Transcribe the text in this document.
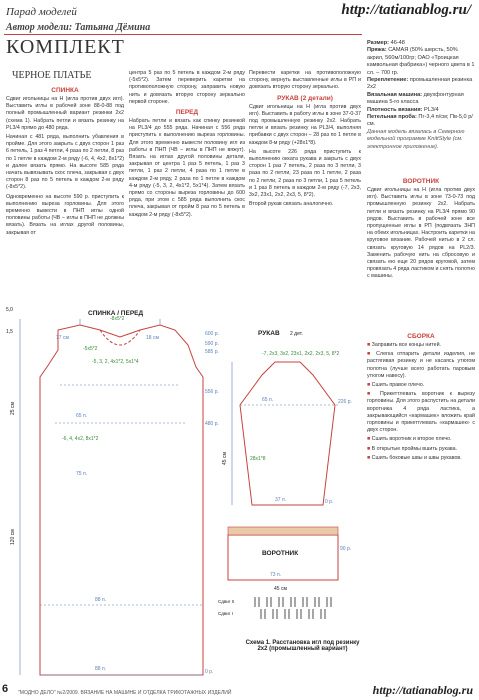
Парад моделей	http://tatianablog.ru/
Автор модели: Татьяна Дёмина
КОМПЛЕКТ
ЧЕРНОЕ ПЛАТЬЕ
СПИНКА

Сдвиг игольницы на Н (игла против двух игл). Выставить иглы в рабочей зоне 88-0-88 под полный промышленный вариант резинки 2х2 (схема 1). Набрать петли и вязать резинку на PL3/4 прямо до 480 ряда.

Начиная с 481 ряда, выполнить убавления в пройме. Для этого закрыть с двух сторон 1 раз 6 петель, 1 раз 4 петли, 4 раза по 2 петли, 8 раз по 1 петле в каждом 2-м ряду (-6, 4, 4х2, 8х1*2) и далее вязать прямо. На высоте 585 ряда начать вывязывать скос плеча, закрывая с двух сторон 8 раз по 5 петель в каждом 2-м ряду (-8х5*2).

Одновременно на высоте 590 р. приступить к выполнению выреза горловины. Для этого временно вывести в ПНП иглы одной половины работы (ЧВ – иглы в ПНП не должны вязать). Вязать на иглах другой половины, закрывая от

центра 5 раз по 5 петель в каждом 2-м ряду (-5х5*2). Затем переверить каретки на противоположную сторону, заправить новую нить и довязать вторую сторону зеркально первой стороне.

ПЕРЕД

Набрать петли и вязать как спинку резинкой на PL3/4 до 555 ряда. Начиная с 556 ряда приступить к выполнению выреза горловины. Для этого временно вывести половину игл из работы в ПНП (ЧВ – иглы в ПНП не вяжут). Вязать на иглах другой половины детали, закрывая от центра 1 раз 5 петель, 1 раз 3 петли, 1 раз 2 петли, 4 раза по 1 петле в каждом 2-м ряду, 2 раза по 1 петле в каждом 4-м ряду (-5, 3, 2, 4х1*2, 5х1*4). Затем вязать прямо со стороны выреза горловины до 600 ряда, при этом с 585 ряда выполнить скос плеча, закрывая от пройм 8 раз по 5 петель в каждом 2-м ряду (-8х5*2).

Перевести каретки на противоположную сторону, вернуть выставленные иглы в РП и довязать вторую сторону зеркально.

РУКАВ (2 детали)

Сдвиг игольницы на Н (игла против двух игл). Выставить в работу иглы в зоне 37-0-37 под промышленную резинку 2х2. Набрать петли и вязать резинку на PL3/4, выполняя прибавки с двух сторон – 28 раз по 1 петле в каждом 8-м ряду (+28х1*8).

На высоте 226 ряда приступить к выполнению окката рукава и закрыть с двух сторон 1 раз 7 петель, 2 раза по 3 петли, 3 раза по 2 петли, 23 раза по 1 петле, 2 раза по 2 петли, 2 раза по 3 петли, 1 раз 5 петель и 1 раз 8 петель в каждом 2-м ряду (-7, 2х3, 3х2, 23х1, 2х2, 2х3, 5, 8*2).

Второй рукав связать аналогично.

Размер: 46-48
Пряжа: САМАЯ (50% шерсть, 50% акрил, 560м/100гр; ОАО «Троицкая камвольная фабрика») черного цвета в 1 сл. – 700 гр.
Переплетение: промышленная резинка 2х2
Вязальная машина: двухфонтурная машина 5-го класса
Плотность вязания: PL3/4
Петельная проба: Пг-3,4 п/см; Пв-5,0 р/см.
Данная модель вязалась в Северною модельной программе KnittStyle (см. электронное приложение).
ВОРОТНИК

Сдвиг игольницы на Н (игла против двух игл). Выставить иглы в зоне 73-0-73 под промышленную резинку 2х2. Набрать петли и вязать резинку на PL3/4 прямо 90 рядов. Выставить в рабочей зоне все пропущенные иглы в РП (подвязать ЗНП на обеих игольницах. Настроить каретки на круговое вязание. Рабочей нитью в 2 сл. связать круговую 14 рядов на PL2/3. Заменить рабочую нить на сбросовую и связать ею еще 20 рядов круговой, затем провязать 4 ряда ластиком и снять полотно с машины.

СБОРКА

■ Заправить все концы нитей.

■ Слегка отпарить детали изделия, не растягивая резинку и не касаясь утюгом полотна (лучше всего работать паровым утюгом навесу).

■ Сшить правое плечо.

■ Прикеттлевать воротник к вырезу горловины. Для этого распустить на детали воротника 4 ряда ластика, а закрывающийся «кармашек» вложить край горловины и прикеттлевать «кармашек» с двух сторон.

■ Сшить воротник и второе плечо.

■ В открытые проймы вшить рукава.

■ Сшить боковые швы и швы рукавов.

СПИНКА / ПЕРЕД
5,0
1,5
17 см	18 см
-8х5*2
-5х5*2
-5, 3, 2, 4х1*2, 5х1*4
-6, 4, 4х2, 8х1*2
600 р.
590 р.
585 р.
556 р.
480 р.
65 п.
75 п.
88 п.
88 п.	0 р.
25 см
120 см
РУКАВ 2 дет.
-7, 2х3, 3х2, 23х1, 2х2, 2х3, 5, 8*2
226 р.
28х1*8
65 п.
37 п.	0 р.
45 см
ВОРОТНИК
90 р.
73 п.
45 см
Сдвиг II
Сдвиг I
Схема 1. Расстановка игл под резинку 2х2 (промышленный вариант)
6 "МОДНО ДЕЛО" №2/2009. ВЯЗАНИЕ НА МАШИНЕ И ОТДЕЛКА ТРИКОТАЖНЫХ ИЗДЕЛИЙ	http://tatianablog.ru
